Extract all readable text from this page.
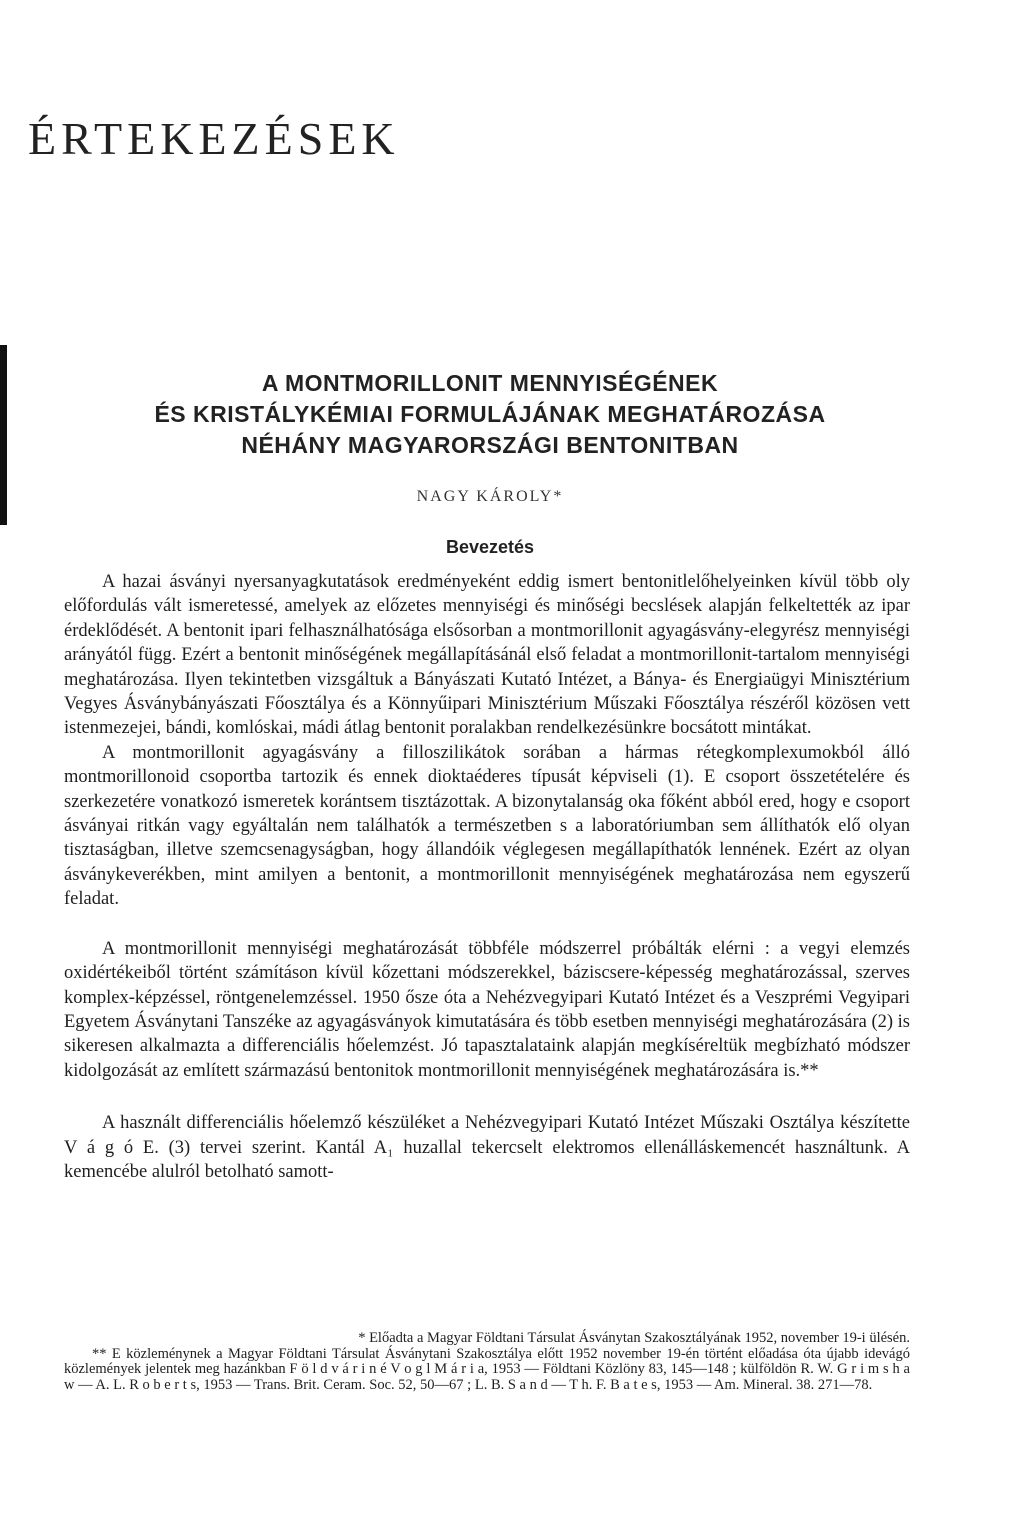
ÉRTEKEZÉSEK
A MONTMORILLONIT MENNYISÉGÉNEK
ÉS KRISTÁLYKÉMIAI FORMULÁJÁNAK MEGHATÁROZÁSA
NÉHÁNY MAGYARORSZÁGI BENTONITBAN
NAGY KÁROLY*
Bevezetés

A hazai ásványi nyersanyagkutatások eredményeként eddig ismert bentonitlelőhelyeinken kívül több oly előfordulás vált ismeretessé, amelyek az előzetes mennyiségi és minőségi becslések alapján felkeltették az ipar érdeklődését. A bentonit ipari felhasználhatósága elsősorban a montmorillonit agyagásvány-elegyrész mennyiségi arányától függ. Ezért a bentonit minőségének megállapításánál első feladat a montmorillonit-tartalom mennyiségi meghatározása. Ilyen tekintetben vizsgáltuk a Bányászati Kutató Intézet, a Bánya- és Energiaügyi Minisztérium Vegyes Ásványbányászati Főosztálya és a Könnyűipari Minisztérium Műszaki Főosztálya részéről közösen vett istenmezejei, bándi, komlóskai, mádi átlag bentonit poralakban rendelkezésünkre bocsátott mintákat.

A montmorillonit agyagásvány a filloszilikátok sorában a hármas rétegkomplexumokból álló montmorillonoid csoportba tartozik és ennek dioktaéderes típusát képviseli (1). E csoport összetételére és szerkezetére vonatkozó ismeretek korántsem tisztázottak. A bizonytalanság oka főként abból ered, hogy e csoport ásványai ritkán vagy egyáltalán nem találhatók a természetben s a laboratóriumban sem állíthatók elő olyan tisztaságban, illetve szemcsenagyságban, hogy állandóik véglegesen megállapíthatók lennének. Ezért az olyan ásványkeverékben, mint amilyen a bentonit, a montmorillonit mennyiségének meghatározása nem egyszerű feladat.

A montmorillonit mennyiségi meghatározását többféle módszerrel próbálták elérni : a vegyi elemzés oxidértékeiből történt számításon kívül kőzettani módszerekkel, báziscsere-képesség meghatározással, szerves komplex-képzéssel, röntgenelemzéssel. 1950 ősze óta a Nehézvegyipari Kutató Intézet és a Veszprémi Vegyipari Egyetem Ásványtani Tanszéke az agyagásványok kimutatására és több esetben mennyiségi meghatározására (2) is sikeresen alkalmazta a differenciális hőelemzést. Jó tapasztalataink alapján megkíséreltük megbízható módszer kidolgozását az említett származású bentonitok montmorillonit mennyiségének meghatározására is.**

A használt differenciális hőelemző készüléket a Nehézvegyipari Kutató Intézet Műszaki Osztálya készítette V á g ó E. (3) tervei szerint. Kantál A₁ huzallal tekercselt elektromos ellenálláskemencét használtunk. A kemencébe alulról betolható samott-

* Előadta a Magyar Földtani Társulat Ásványtan Szakosztályának 1952, november 19-i ülésén.

** E közleménynek a Magyar Földtani Társulat Ásványtani Szakosztálya előtt 1952 november 19-én történt előadása óta újabb idevágó közlemények jelentek meg hazánkban F ö l d v á r i n é V o g l M á r i a, 1953 — Földtani Közlöny 83, 145—148 ; külföldön R. W. G r i m s h a w — A. L. R o b e r t s, 1953 — Trans. Brit. Ceram. Soc. 52, 50—67 ; L. B. S a n d — T h. F. B a t e s, 1953 — Am. Mineral. 38. 271—78.
